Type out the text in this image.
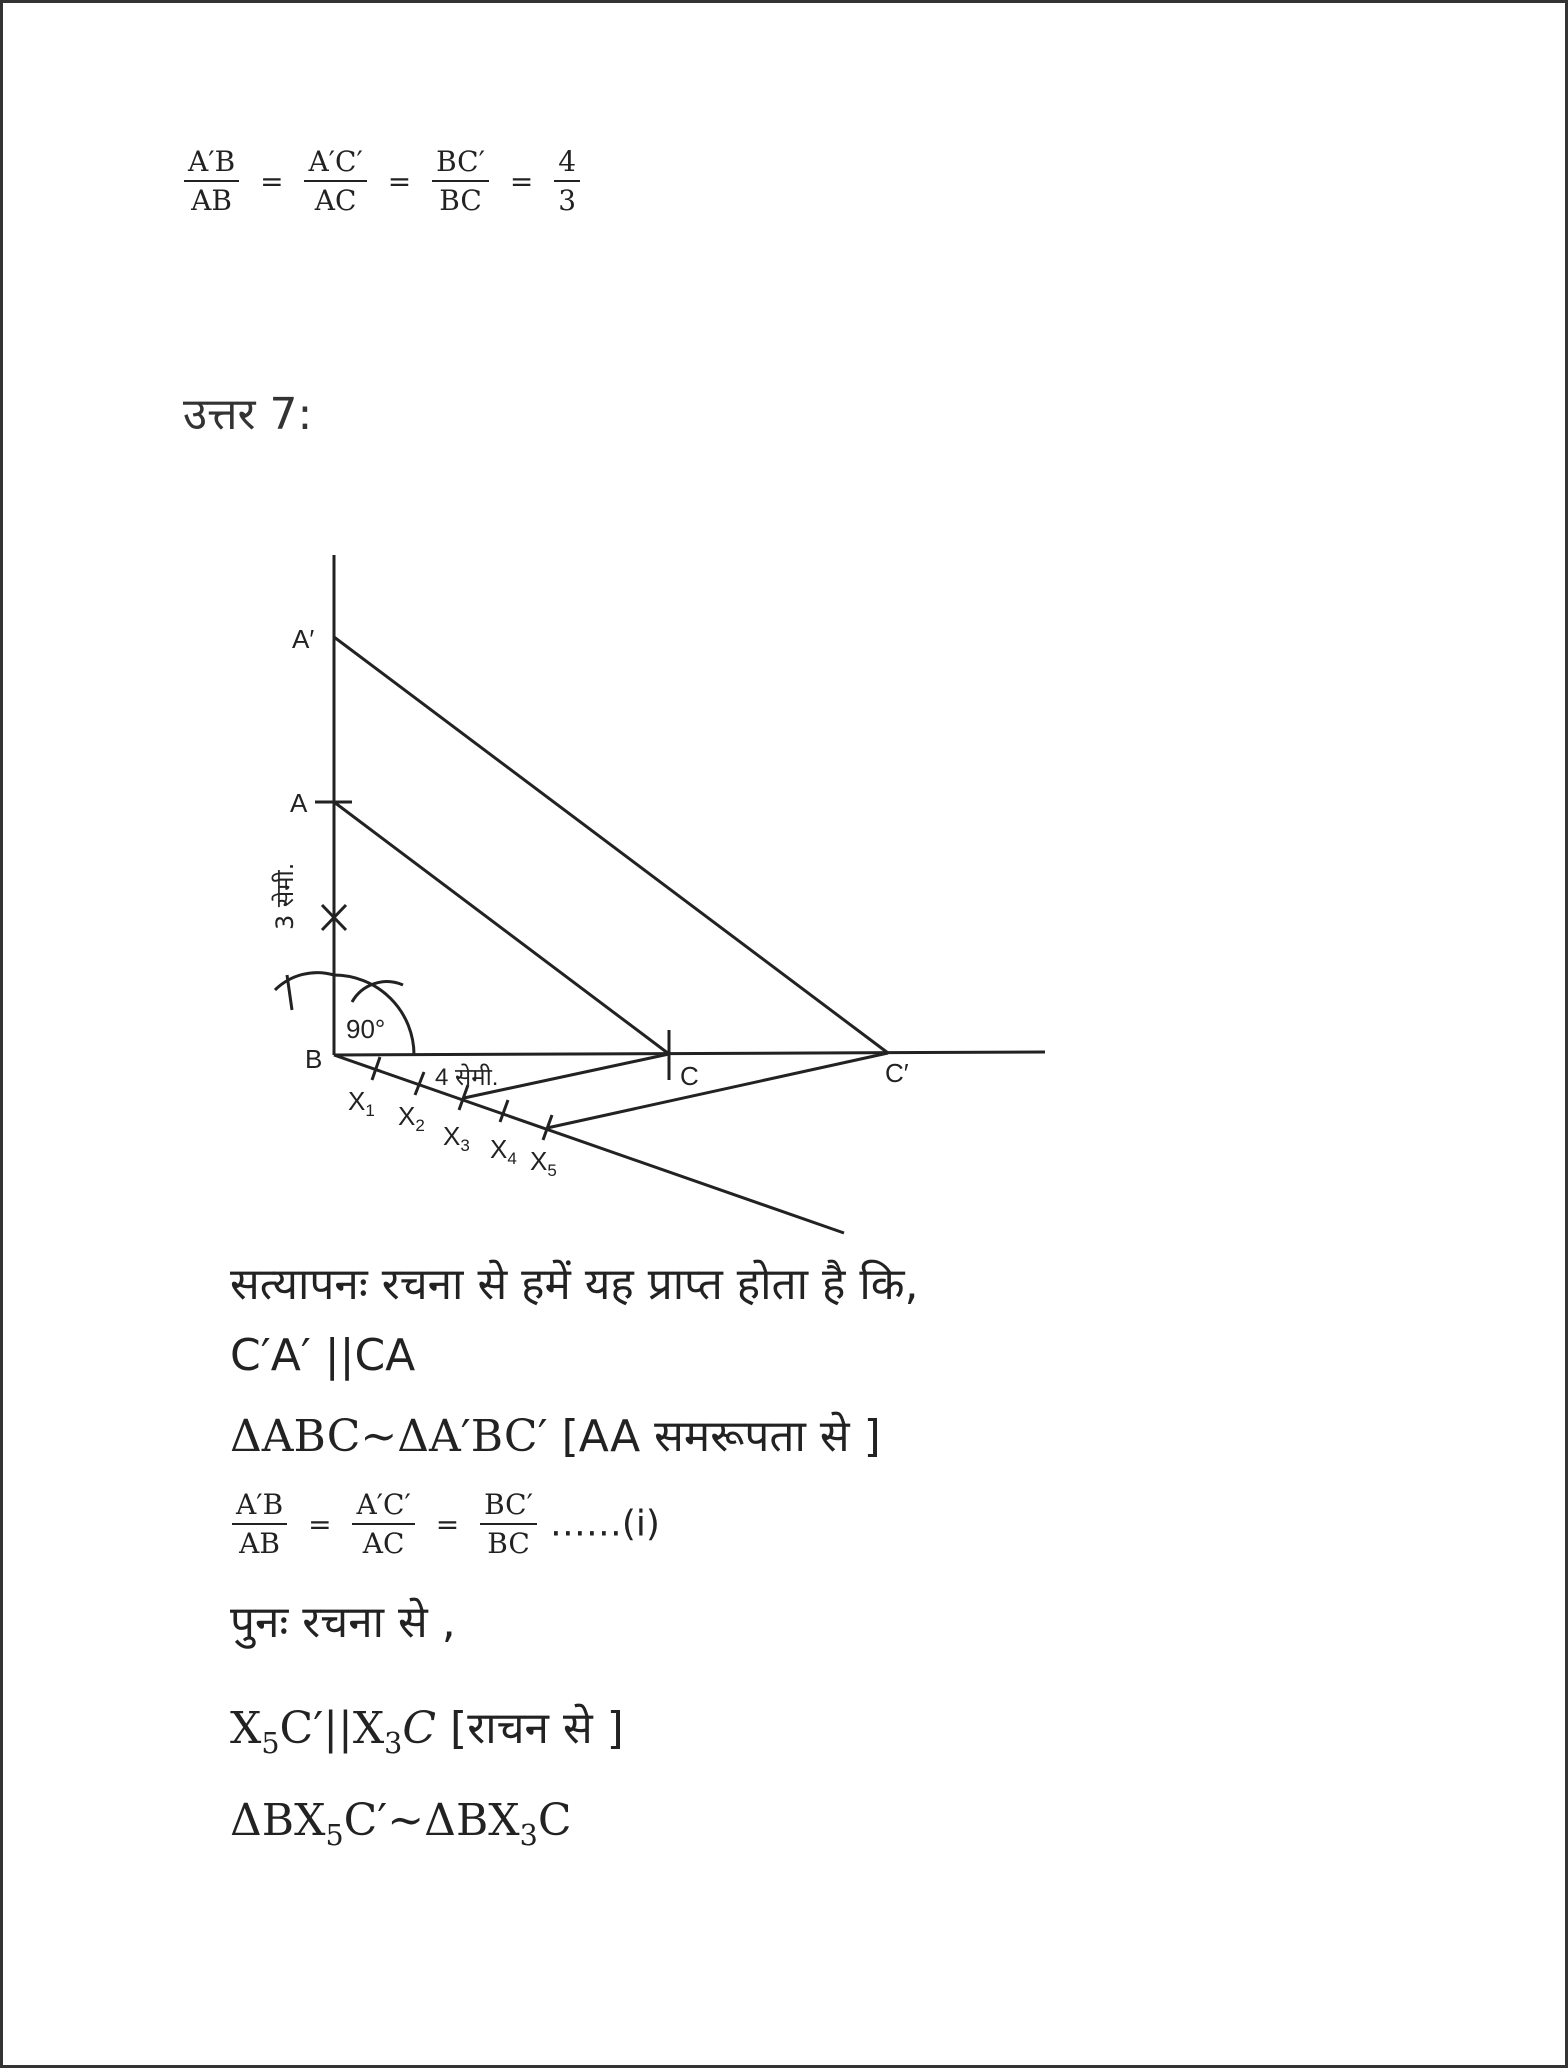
$\frac{A'B}{AB} = \frac{A'C'}{AC} = \frac{BC'}{BC} = \frac{4}{3}$
उत्तर 7:
A′
A
B
C	C′
90°
3 सेमी.
4 सेमी.
$X_1$ $X_2$ $X_3$ $X_4$ $X_5$
सत्यापनः रचना से हमें यह प्राप्त होता है कि,
C′A′ ||CA
ΔABC~ΔA′BC′ [AA समरूपता से ]
$\frac{A'B}{AB} = \frac{A'C'}{AC} = \frac{BC'}{BC}$ ……(i)
पुनः रचना से ,
$X_5C'||X_3C$ [राचन से ]
$\Delta BX_5C'\sim\Delta BX_3C$
